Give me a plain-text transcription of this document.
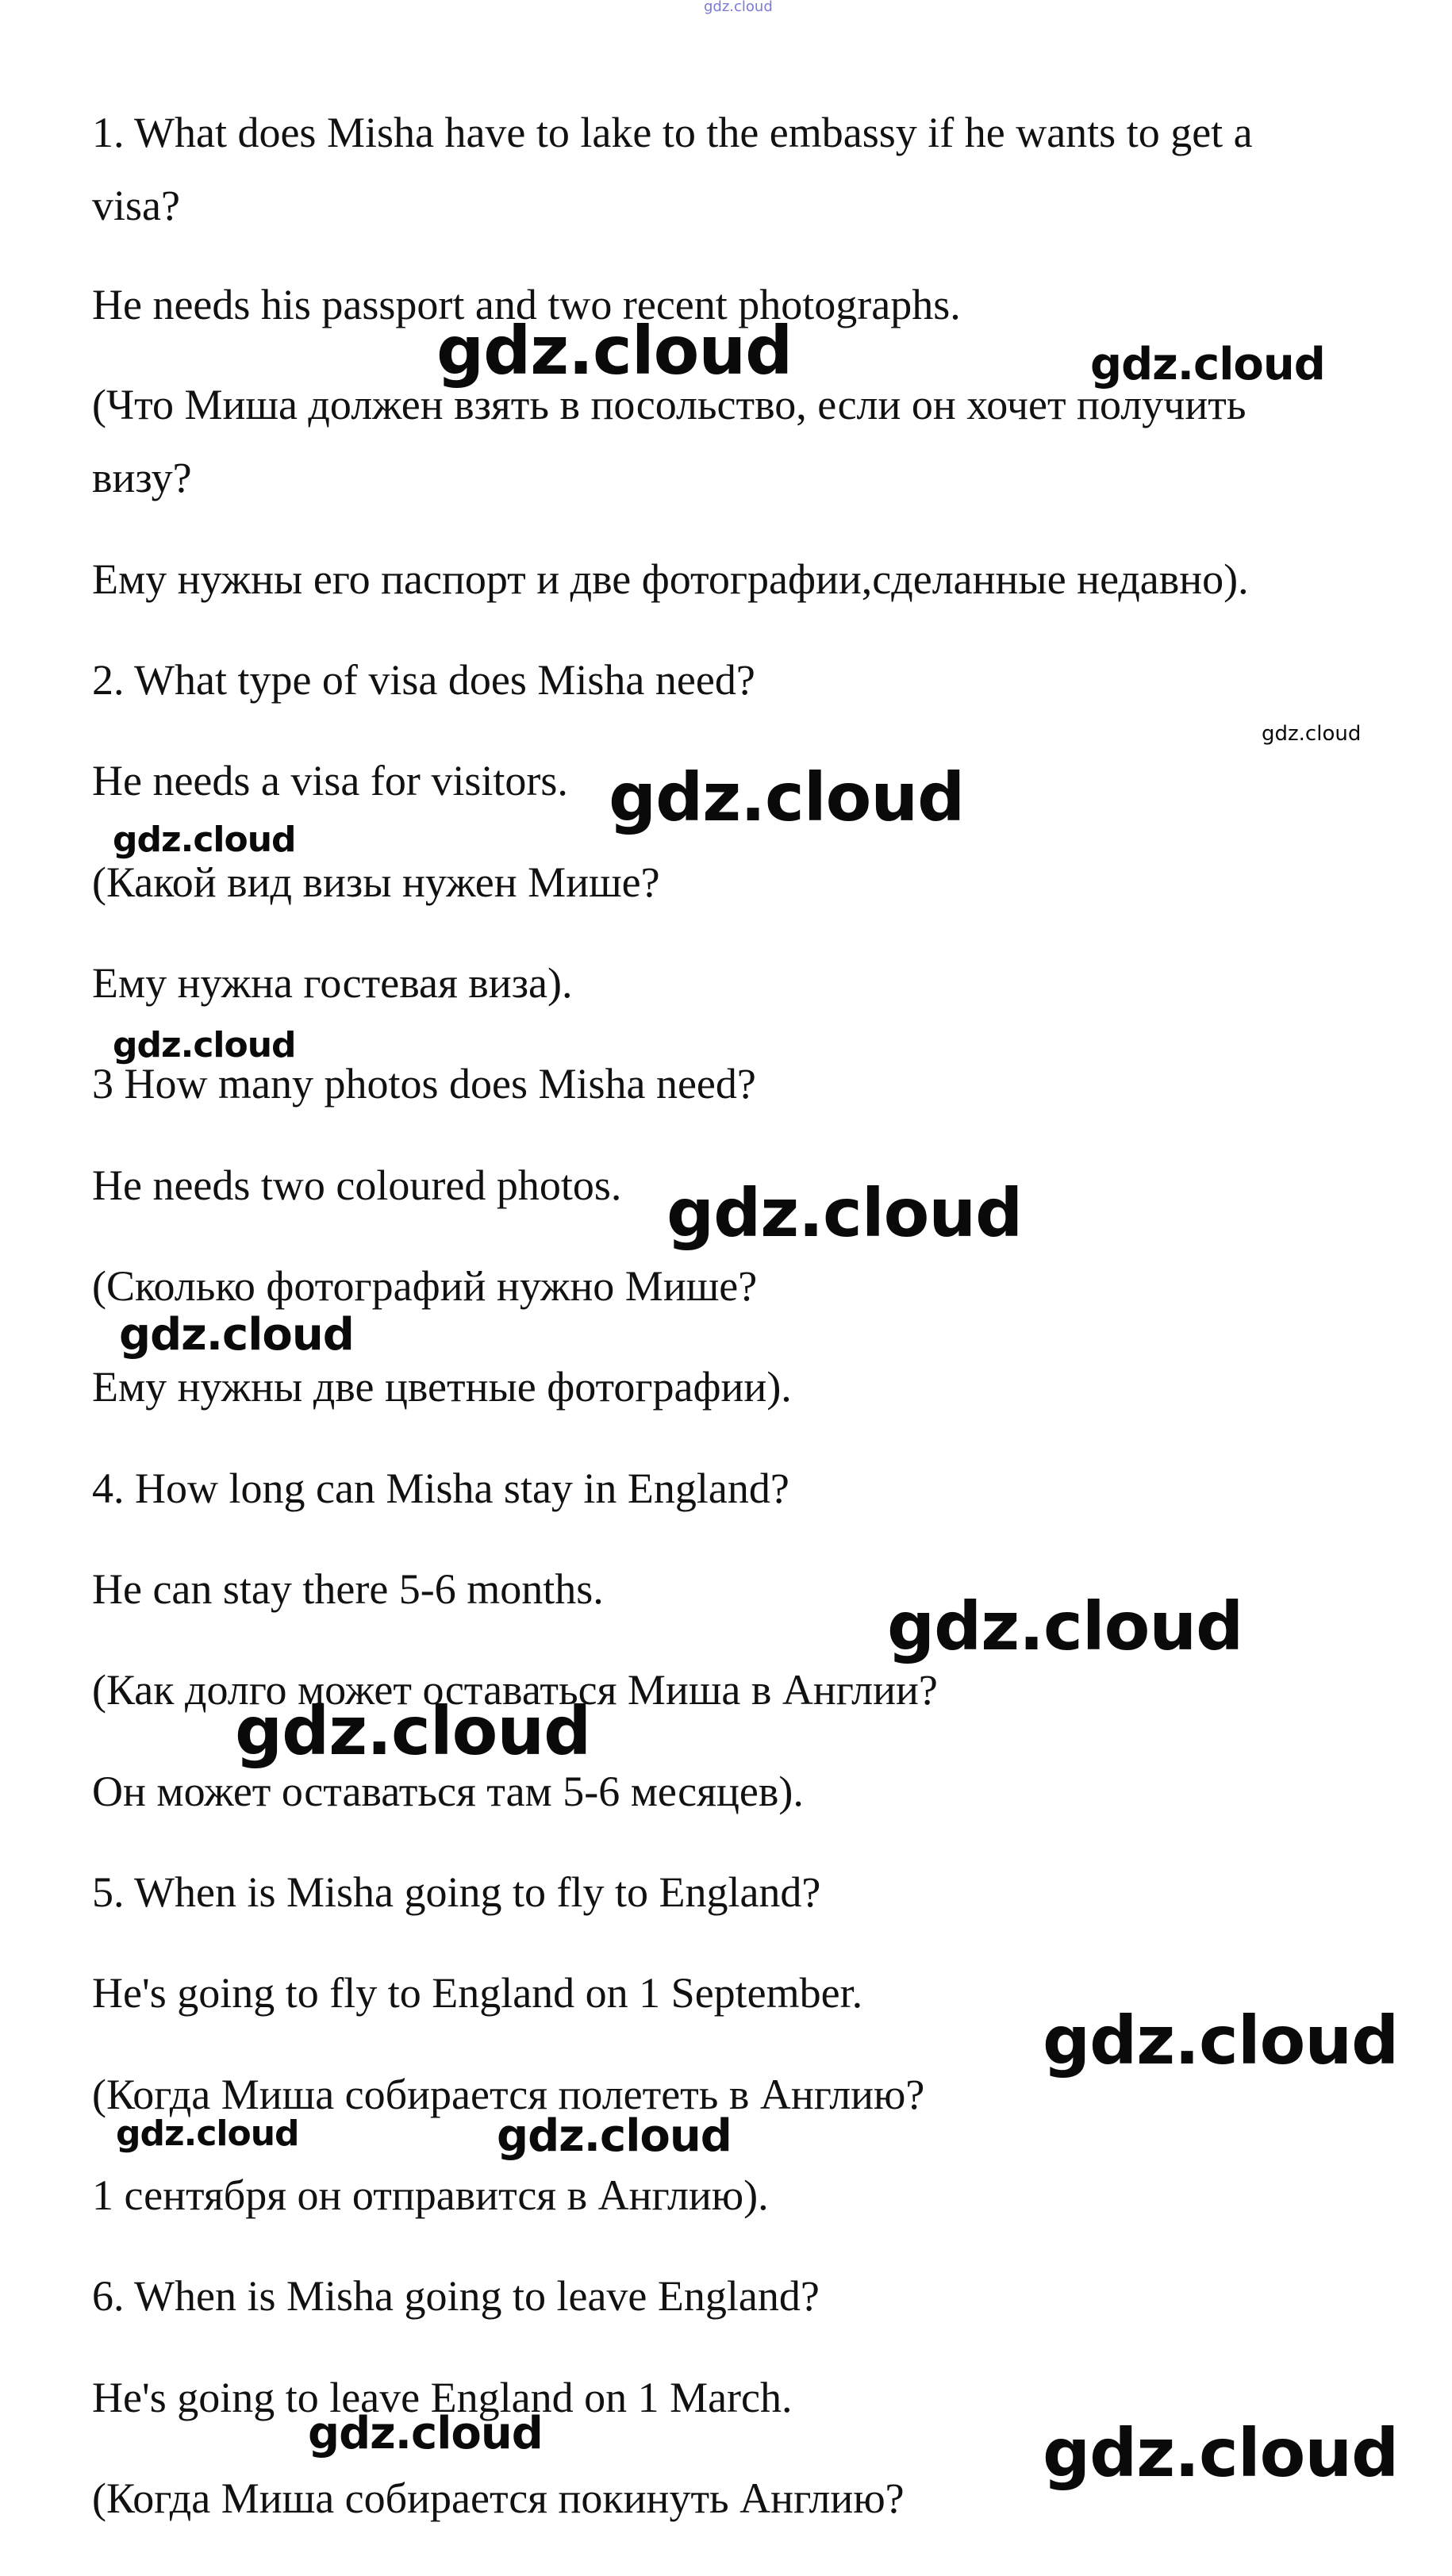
1. What does Misha have to lake to the embassy if he wants to get a

visa?

He needs his passport and two recent photographs.

(Что Миша должен взять в посольство, если он хочет получить

визу?

Ему нужны его паспорт и две фотографии,сделанные недавно).

2. What type of visa does Misha need?

He needs a visa for visitors.

(Какой вид визы нужен Мише?

Ему нужна гостевая виза).

3 How many photos does Misha need?

He needs two coloured photos.

(Сколько фотографий нужно Мише?

Ему нужны две цветные фотографии).

4. How long can Misha stay in England?

He can stay there 5-6 months.

(Как долго может оставаться Миша в Англии?

Он может оставаться там 5-6 месяцев).

5. When is Misha going to fly to England?

He's going to fly to England on 1 September.

(Когда Миша собирается полететь в Англию?

1 сентября он отправится в Англию).

6. When is Misha going to leave England?

He's going to leave England on 1 March.

(Когда Миша собирается покинуть Англию?

gdz.cloud

gdz.cloud	gdz.cloud

gdz.cloud

gdz.cloud

gdz.cloud

gdz.cloud

gdz.cloud

gdz.cloud

gdz.cloud

gdz.cloud

gdz.cloud

gdz.cloud	gdz.cloud

gdz.cloud	gdz.cloud
